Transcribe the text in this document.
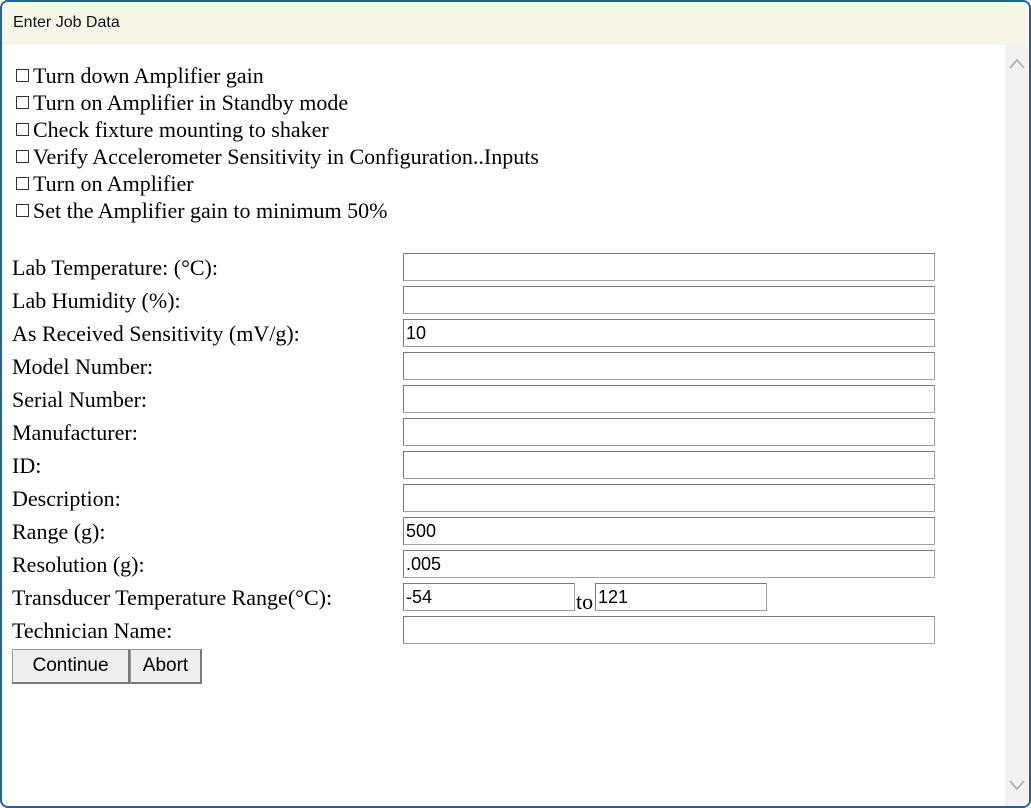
Enter Job Data
Turn down Amplifier gain
Turn on Amplifier in Standby mode
Check fixture mounting to shaker
Verify Accelerometer Sensitivity in Configuration..Inputs
Turn on Amplifier
Set the Amplifier gain to minimum 50%
Lab Temperature: (°C):
Lab Humidity (%):
As Received Sensitivity (mV/g):
10
Model Number:
Serial Number:
Manufacturer:
ID:
Description:
Range (g):
500
Resolution (g):
.005
Transducer Temperature Range(°C):
-54	to
121
Technician Name:
Continue	Abort
